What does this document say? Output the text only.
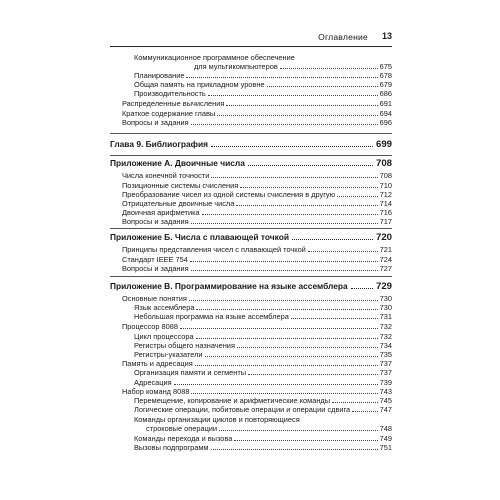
Оглавление 13
Коммуникационное программное обеспечение
для мультикомпьютеров	675
Планирование	678
Общая память на прикладном уровне	679
Производительность	686
Распределенные вычисления	691
Краткое содержание главы	694
Вопросы и задания	696
Глава 9. Библиография	699
Приложение А. Двоичные числа	708
Числа конечной точности	708
Позиционные системы счисления	710
Преобразование чисел из одной системы счисления в другую	712
Отрицательные двоичные числа	714
Двоичная арифметика	716
Вопросы и задания	717
Приложение Б. Числа с плавающей точкой	720
Принципы представления чисел с плавающей точкой	721
Стандарт IEEE 754	724
Вопросы и задания	727
Приложение В. Программирование на языке ассемблера	729
Основные понятия	730
Язык ассемблера	730
Небольшая программа на языке ассемблера	731
Процессор 8088	732
Цикл процессора	732
Регистры общего назначения	734
Регистры-указатели	735
Память и адресация	737
Организация памяти и сегменты	737
Адресация	739
Набор команд 8088	743
Перемещение, копирование и арифметические команды	745
Логические операции, побитовые операции и операции сдвига	747
Команды организации циклов и повторяющиеся
строковые операции	748
Команды перехода и вызова	749
Вызовы подпрограмм	751
